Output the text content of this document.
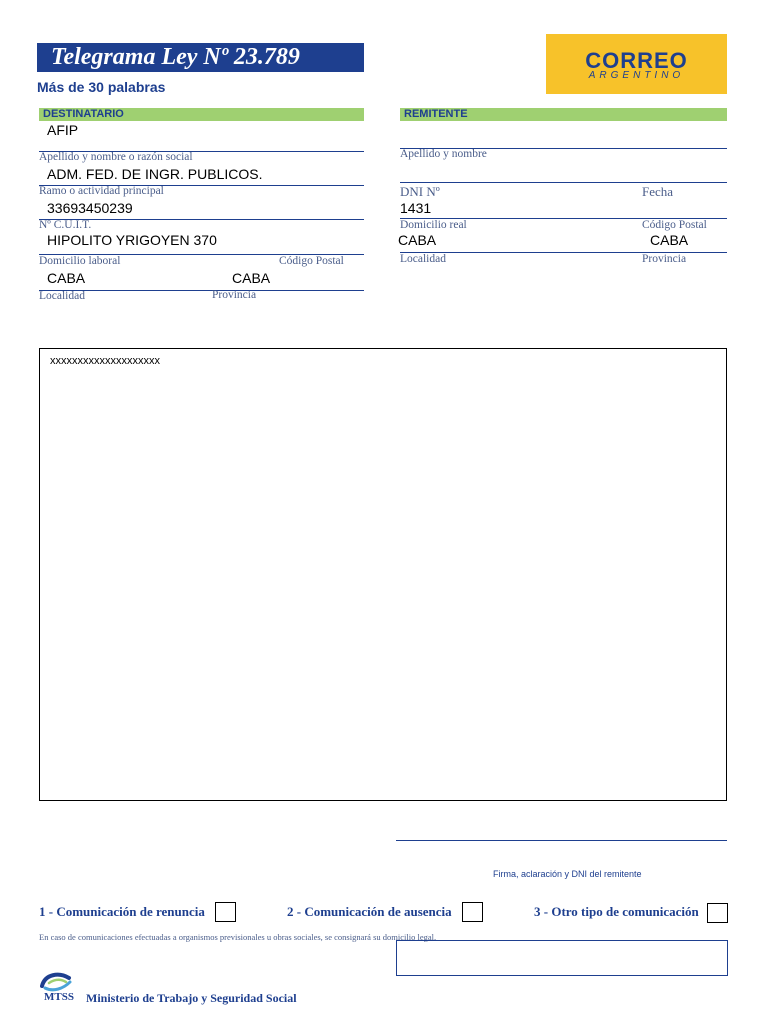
Telegrama Ley Nº 23.789
Más de 30 palabras
CORREO
ARGENTINO
DESTINATARIO
AFIP
Apellido y nombre o razón social
ADM. FED. DE INGR. PUBLICOS.
Ramo o actividad principal
33693450239
Nº C.U.I.T.
HIPOLITO YRIGOYEN 370
Domicilio laboral	Código Postal
CABA	CABA
Localidad	Provincia
REMITENTE
Apellido y nombre
DNI Nº	Fecha
1431
Domicilio real	Código Postal
CABA	CABA
Localidad	Provincia
xxxxxxxxxxxxxxxxxxxx
Firma, aclaración y DNI del remitente
1 - Comunicación de renuncia	2 - Comunicación de ausencia	3 - Otro tipo de comunicación
En caso de comunicaciones efectuadas a organismos previsionales u obras sociales, se consignará su domicilio legal.
MTSS Ministerio de Trabajo y Seguridad Social
